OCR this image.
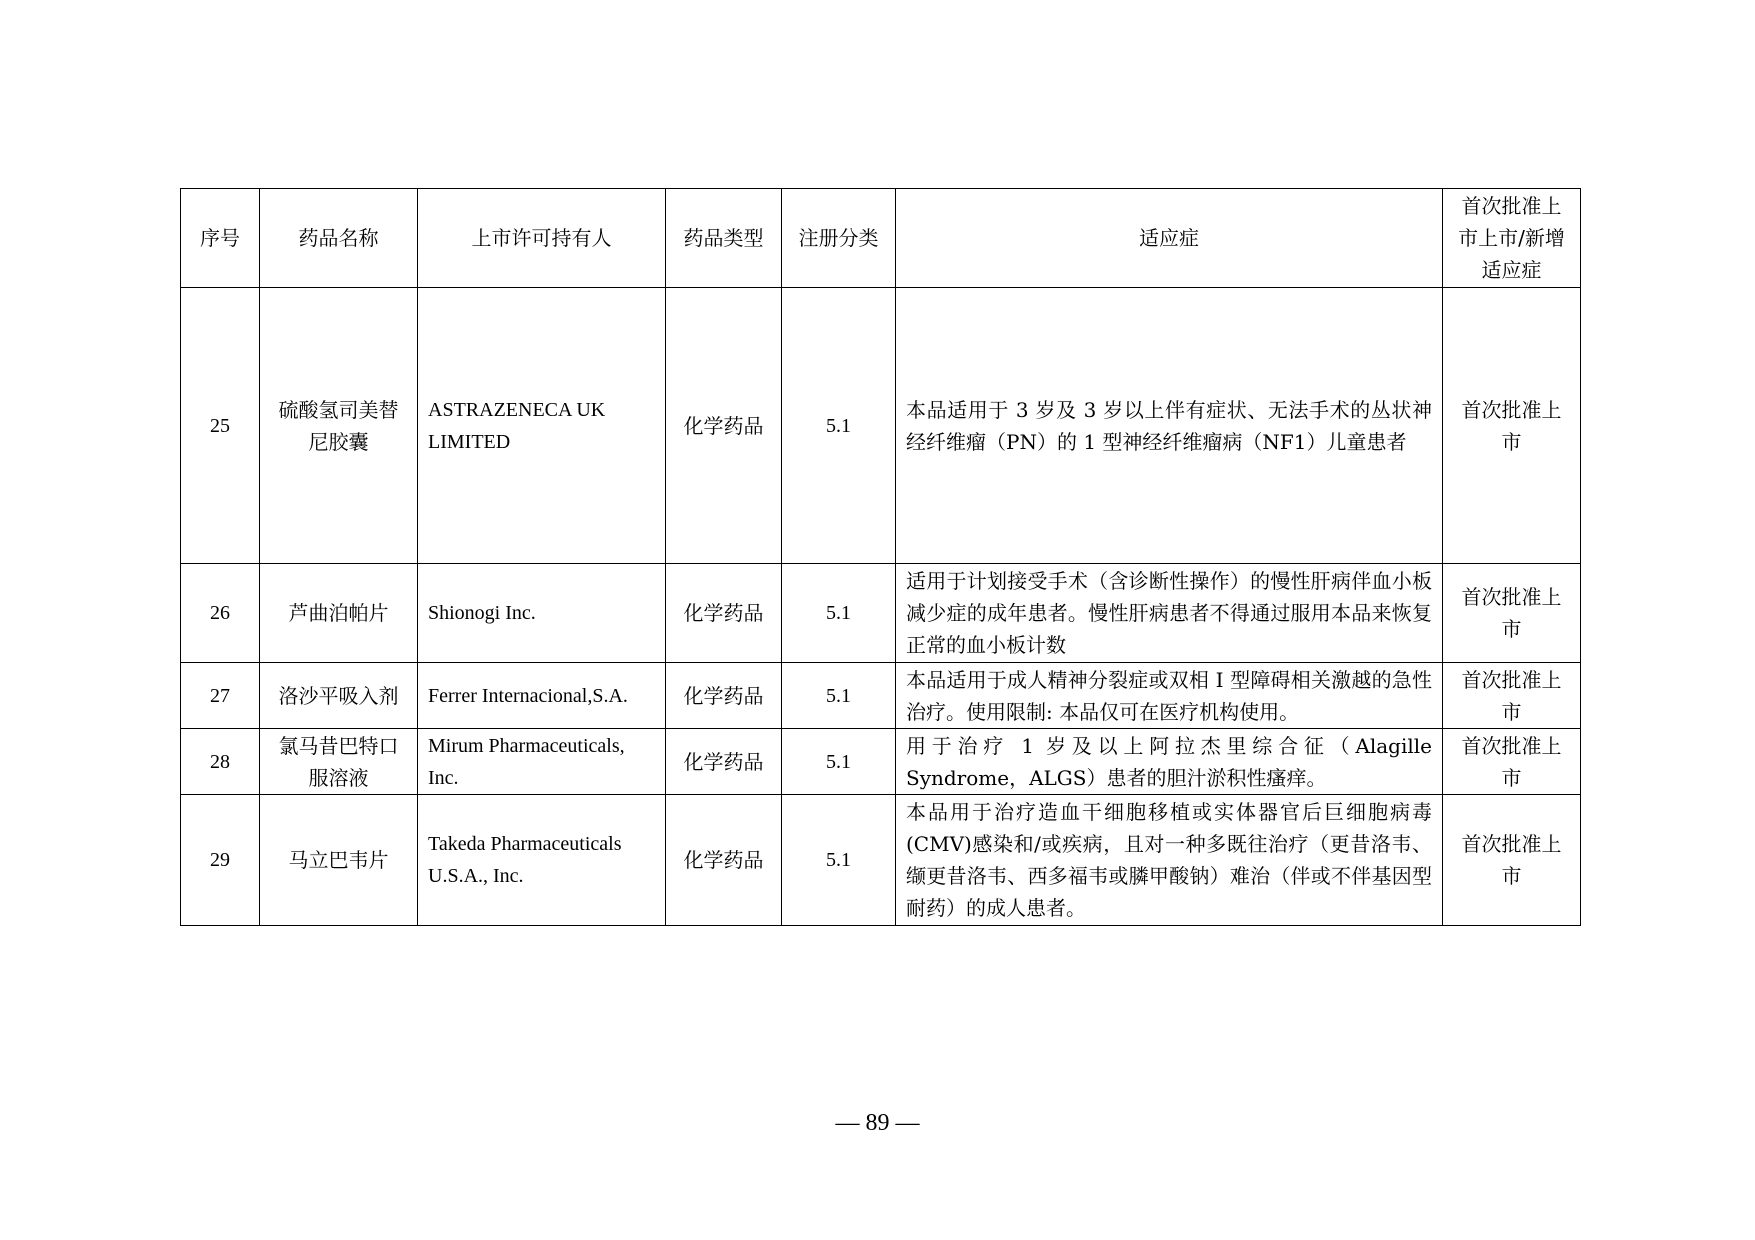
序号	药品名称	上市许可持有人	药品类型	注册分类	适应症	首次批准上市上市/新增适应症
25	硫酸氢司美替尼胶囊	ASTRAZENECA UK LIMITED	化学药品	5.1	本品适用于 3 岁及 3 岁以上伴有症状、无法手术的丛状神经纤维瘤（PN）的 1 型神经纤维瘤病（NF1）儿童患者	首次批准上市
26	芦曲泊帕片	Shionogi Inc.	化学药品	5.1	适用于计划接受手术（含诊断性操作）的慢性肝病伴血小板减少症的成年患者。慢性肝病患者不得通过服用本品来恢复正常的血小板计数	首次批准上市
27	洛沙平吸入剂	Ferrer Internacional,S.A.	化学药品	5.1	本品适用于成人精神分裂症或双相 I 型障碍相关激越的急性治疗。使用限制: 本品仅可在医疗机构使用。	首次批准上市
28	氯马昔巴特口服溶液	Mirum Pharmaceuticals, Inc.	化学药品	5.1	用于治疗 1 岁及以上阿拉杰里综合征（Alagille Syndrome，ALGS）患者的胆汁淤积性瘙痒。	首次批准上市
29	马立巴韦片	Takeda Pharmaceuticals U.S.A., Inc.	化学药品	5.1	本品用于治疗造血干细胞移植或实体器官后巨细胞病毒 (CMV)感染和/或疾病，且对一种多既往治疗（更昔洛韦、缬更昔洛韦、西多福韦或膦甲酸钠）难治（伴或不伴基因型耐药）的成人患者。	首次批准上市
— 89 —
